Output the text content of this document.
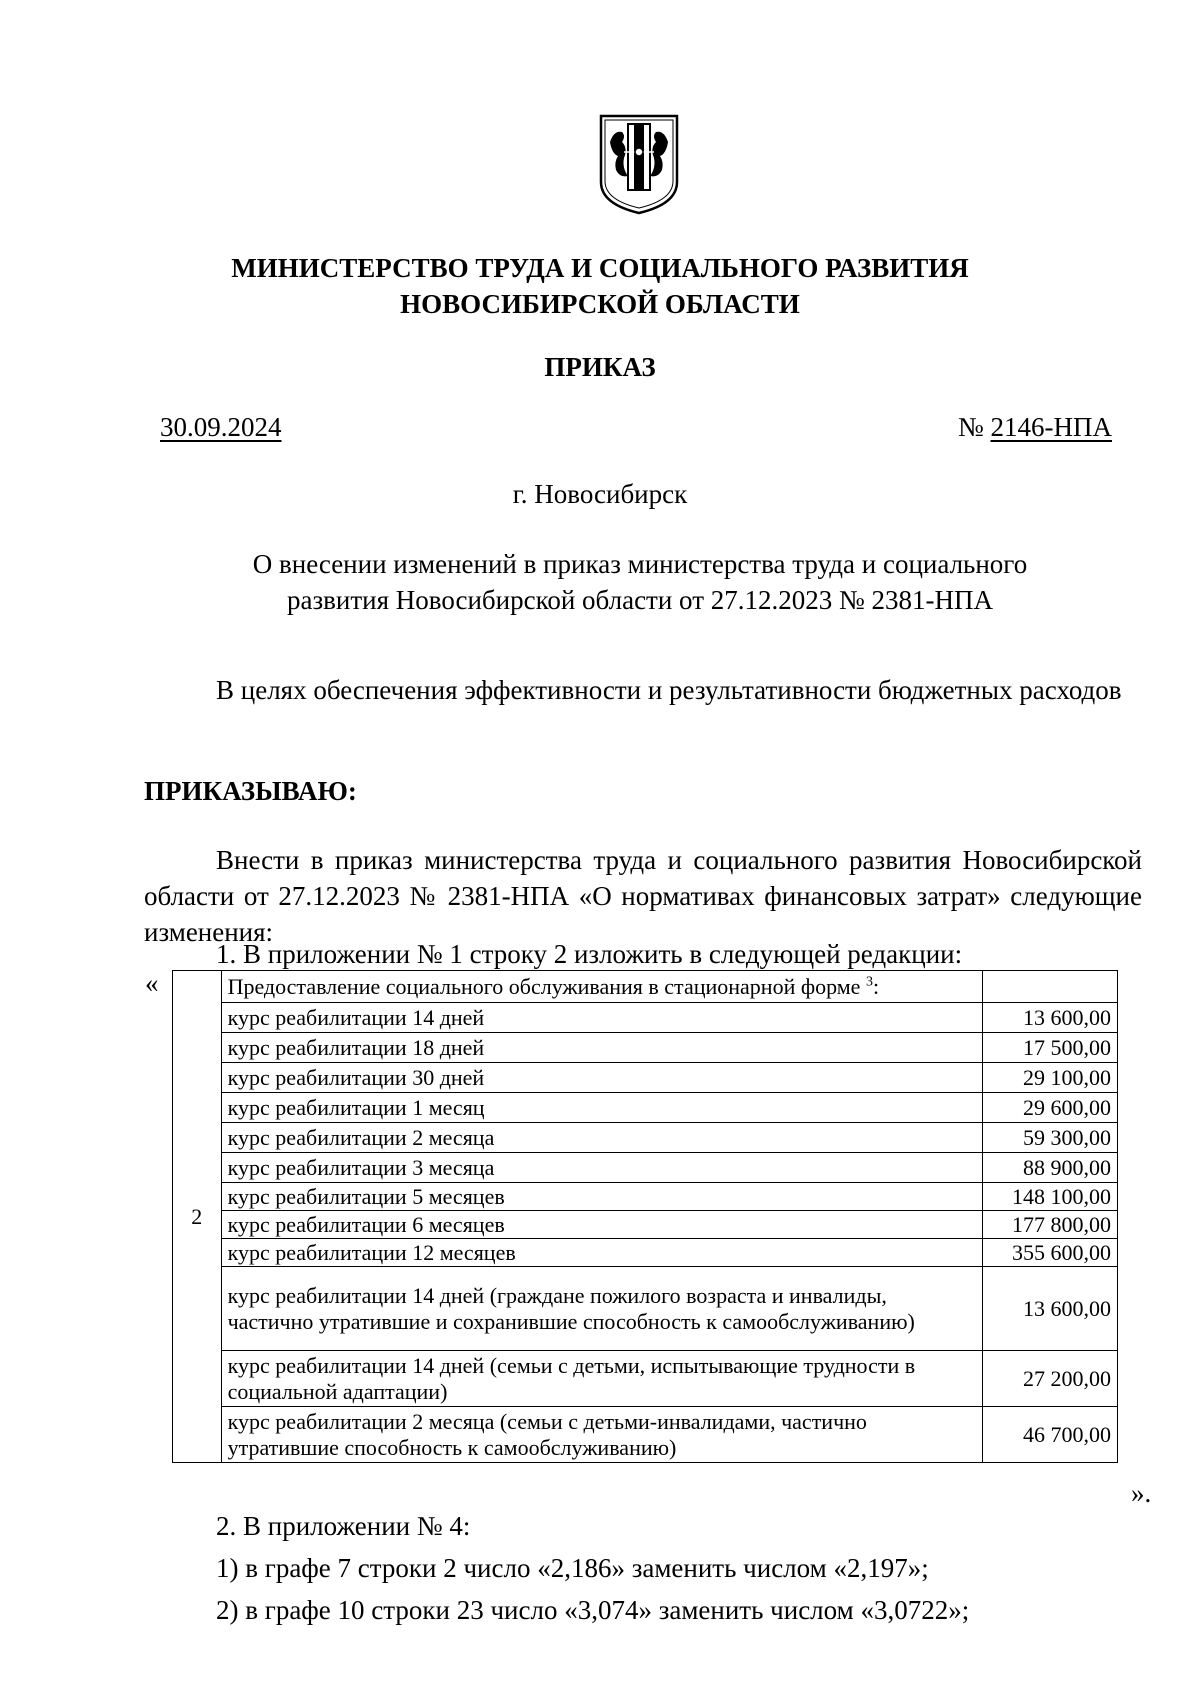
МИНИСТЕРСТВО ТРУДА И СОЦИАЛЬНОГО РАЗВИТИЯ
НОВОСИБИРСКОЙ ОБЛАСТИ
ПРИКАЗ
30.09.2024	№ 2146-НПА
г. Новосибирск
О внесении изменений в приказ министерства труда и социального
развития Новосибирской области от 27.12.2023 № 2381-НПА
В целях обеспечения эффективности и результативности бюджетных расходов
ПРИКАЗЫВАЮ:
Внести в приказ министерства труда и социального развития Новосибирской области от 27.12.2023 № 2381-НПА «О нормативах финансовых затрат» следующие изменения:
1. В приложении № 1 строку 2 изложить в следующей редакции:
«
2	Предоставление социального обслуживания в стационарной форме $^3$:	
	курс реабилитации 14 дней	13 600,00
	курс реабилитации 18 дней	17 500,00
	курс реабилитации 30 дней	29 100,00
	курс реабилитации 1 месяц	29 600,00
	курс реабилитации 2 месяца	59 300,00
	курс реабилитации 3 месяца	88 900,00
	курс реабилитации 5 месяцев	148 100,00
	курс реабилитации 6 месяцев	177 800,00
	курс реабилитации 12 месяцев	355 600,00
	курс реабилитации 14 дней (граждане пожилого возраста и инвалиды, частично утратившие и сохранившие способность к самообслуживанию)	13 600,00
	курс реабилитации 14 дней (семьи с детьми, испытывающие трудности в социальной адаптации)	27 200,00
	курс реабилитации 2 месяца (семьи с детьми-инвалидами, частично утратившие способность к самообслуживанию)	46 700,00
».
2. В приложении № 4:
1) в графе 7 строки 2 число «2,186» заменить числом «2,197»;
2) в графе 10 строки 23 число «3,074» заменить числом «3,0722»;
